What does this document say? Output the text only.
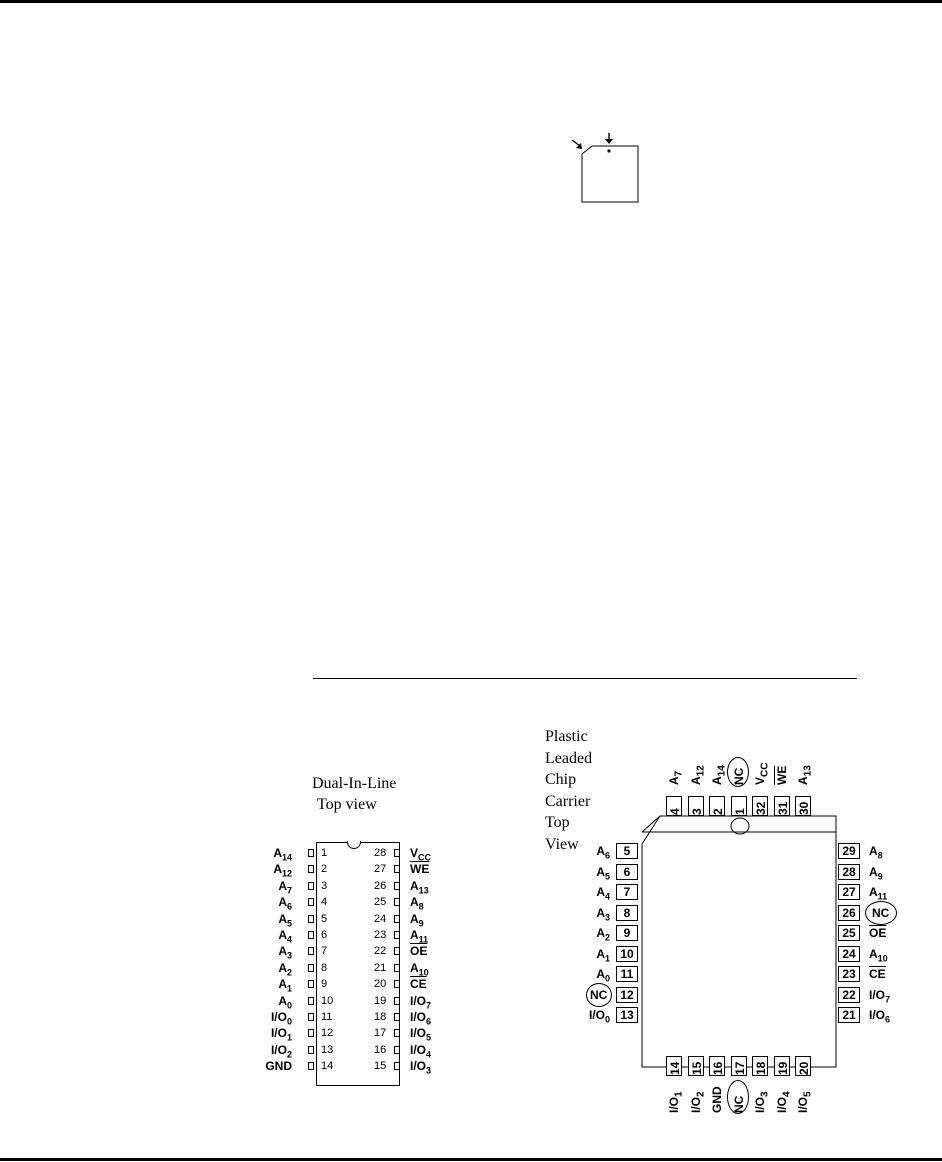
Dual-In-Line
Top view
$A_{14}$	1
$A_{12}$	2
$A_7$	3
$A_6$	4
$A_5$	5
$A_4$	6
$A_3$	7
$A_2$	8
$A_1$	9
$A_0$	10
$I/O_0$	11
$I/O_1$	12
$I/O_2$	13
GND	14
28 $V_{CC}$
27 $\overline{WE}$
26 $A_{13}$
25 $A_8$
24 $A_9$
23 $A_{11}$
22 $\overline{OE}$
21 $A_{10}$
20 $\overline{CE}$
19 $I/O_7$
18 $I/O_6$
17 $I/O_5$
16 $I/O_4$
15 $I/O_3$
Plastic
Leaded
Chip
Carrier
Top
View
4
$A_7$
3
$A_{12}$
2
$A_{14}$
1
NC
32
$V_{CC}$
31
$\overline{WE}$
30
$A_{13}$
5
$A_6$
6
$A_5$
7
$A_4$
8
$A_3$
9
$A_2$
10
$A_1$
11
$A_0$
12
NC
13
$I/O_0$
29	$A_8$
28	$A_9$
27	$A_{11}$
26	NC
25	$\overline{OE}$
24	$A_{10}$
23	$\overline{CE}$
22	$I/O_7$
21	$I/O_6$
14
$I/O_1$
15
$I/O_2$
16
GND
17
NC
18
$I/O_3$
19
$I/O_4$
20
$I/O_5$
